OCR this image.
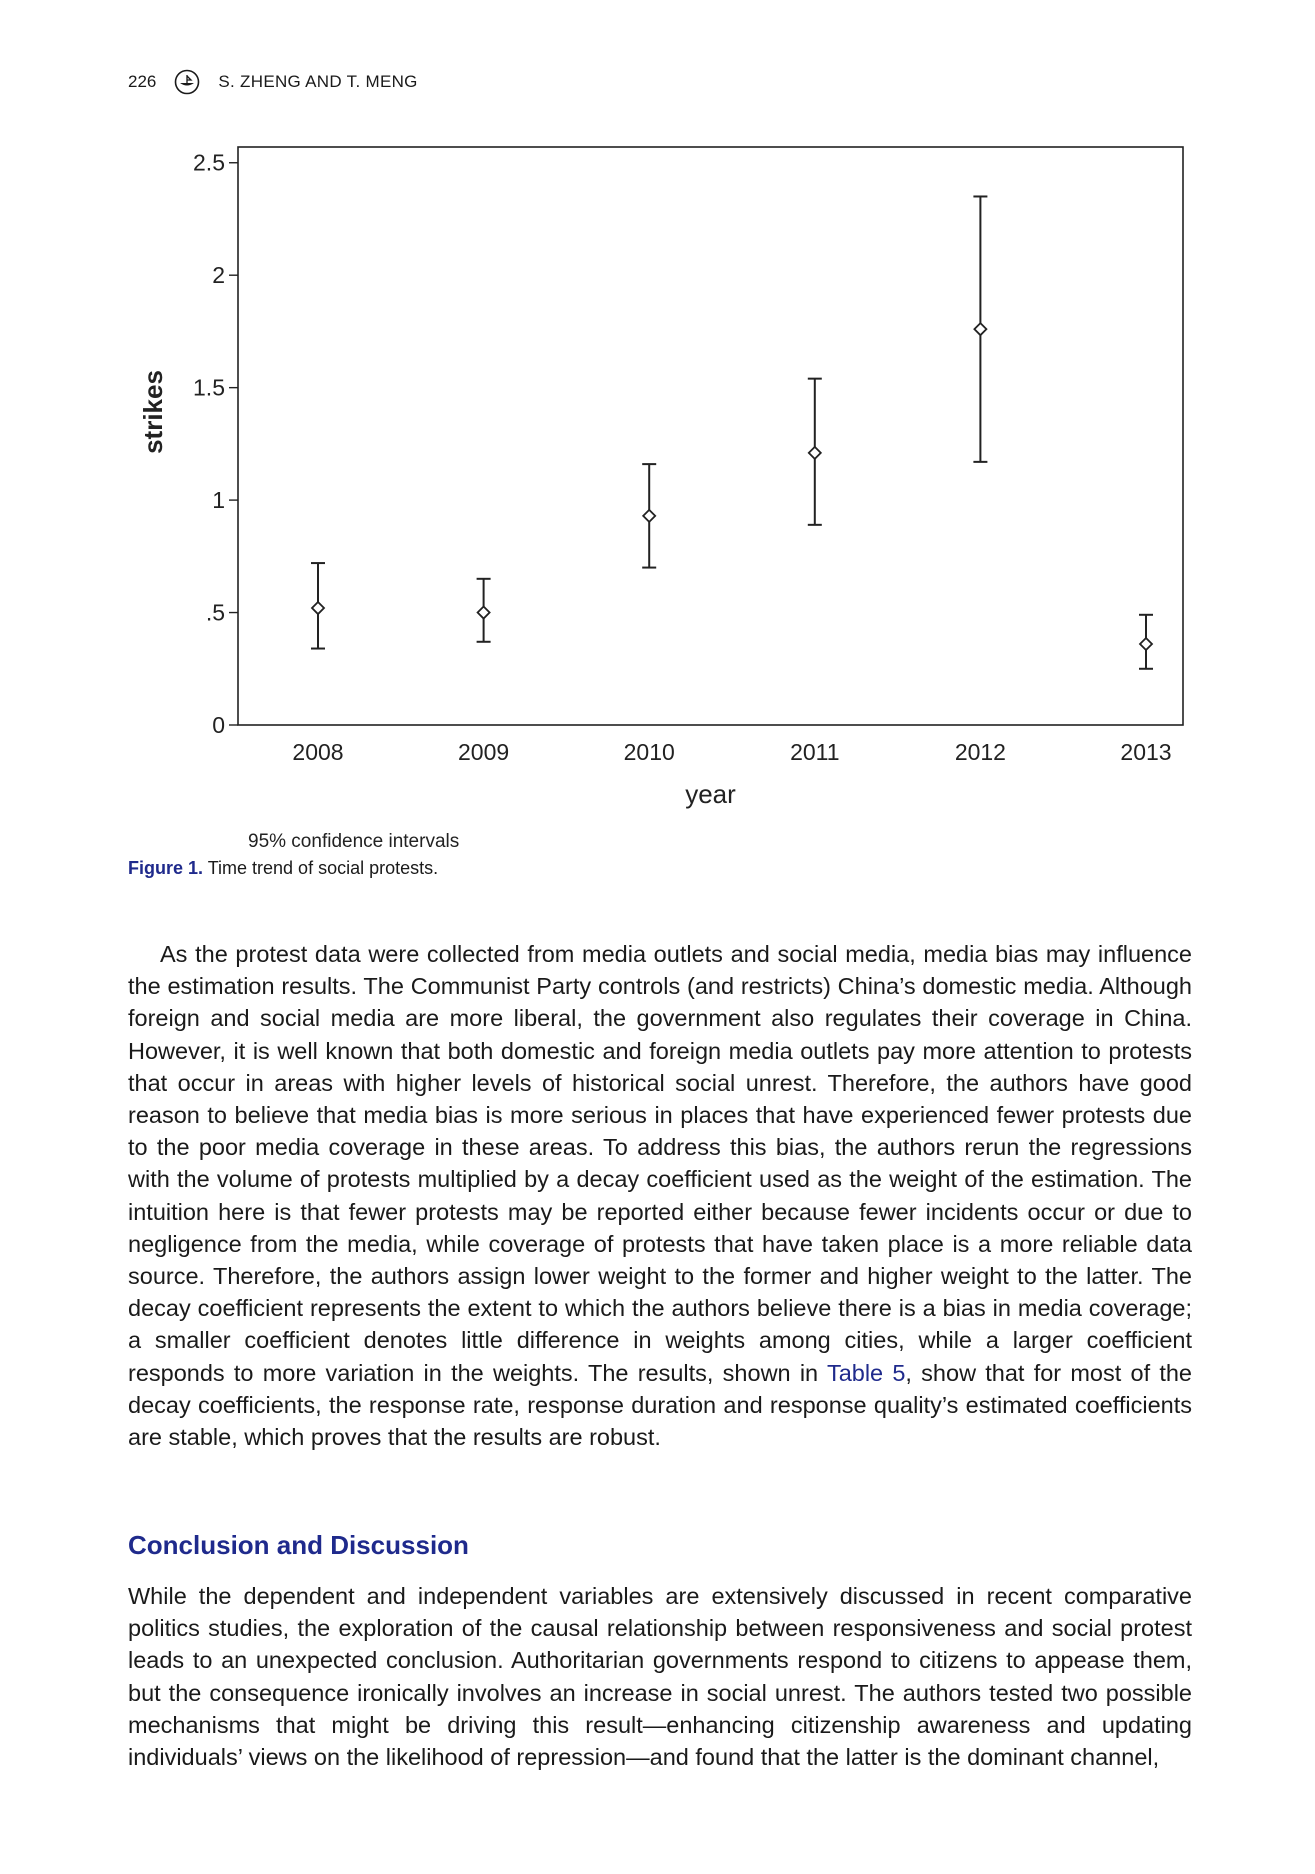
226	S. ZHENG AND T. MENG
0
.5
1
1.5
2
2.5
2008	2009	2010	2011	2012	2013
year
strikes
95% confidence intervals
Figure 1. Time trend of social protests.
As the protest data were collected from media outlets and social media, media bias may influence the estimation results. The Communist Party controls (and restricts) China’s domestic media. Although foreign and social media are more liberal, the government also regulates their coverage in China. However, it is well known that both domestic and foreign media outlets pay more attention to protests that occur in areas with higher levels of historical social unrest. Therefore, the authors have good reason to believe that media bias is more serious in places that have experienced fewer protests due to the poor media coverage in these areas. To address this bias, the authors rerun the regressions with the volume of protests multiplied by a decay coefficient used as the weight of the estimation. The intuition here is that fewer protests may be reported either because fewer incidents occur or due to negligence from the media, while coverage of protests that have taken place is a more reliable data source. Therefore, the authors assign lower weight to the former and higher weight to the latter. The decay coefficient represents the extent to which the authors believe there is a bias in media coverage; a smaller coefficient denotes little difference in weights among cities, while a larger coefficient responds to more variation in the weights. The results, shown in Table 5, show that for most of the decay coefficients, the response rate, response duration and response quality’s estimated coefficients are stable, which proves that the results are robust.
Conclusion and Discussion
While the dependent and independent variables are extensively discussed in recent comparative politics studies, the exploration of the causal relationship between responsiveness and social protest leads to an unexpected conclusion. Authoritarian governments respond to citizens to appease them, but the consequence ironically involves an increase in social unrest. The authors tested two possible mechanisms that might be driving this result—enhancing citizenship awareness and updating individuals’ views on the likelihood of repression—and found that the latter is the dominant channel,
